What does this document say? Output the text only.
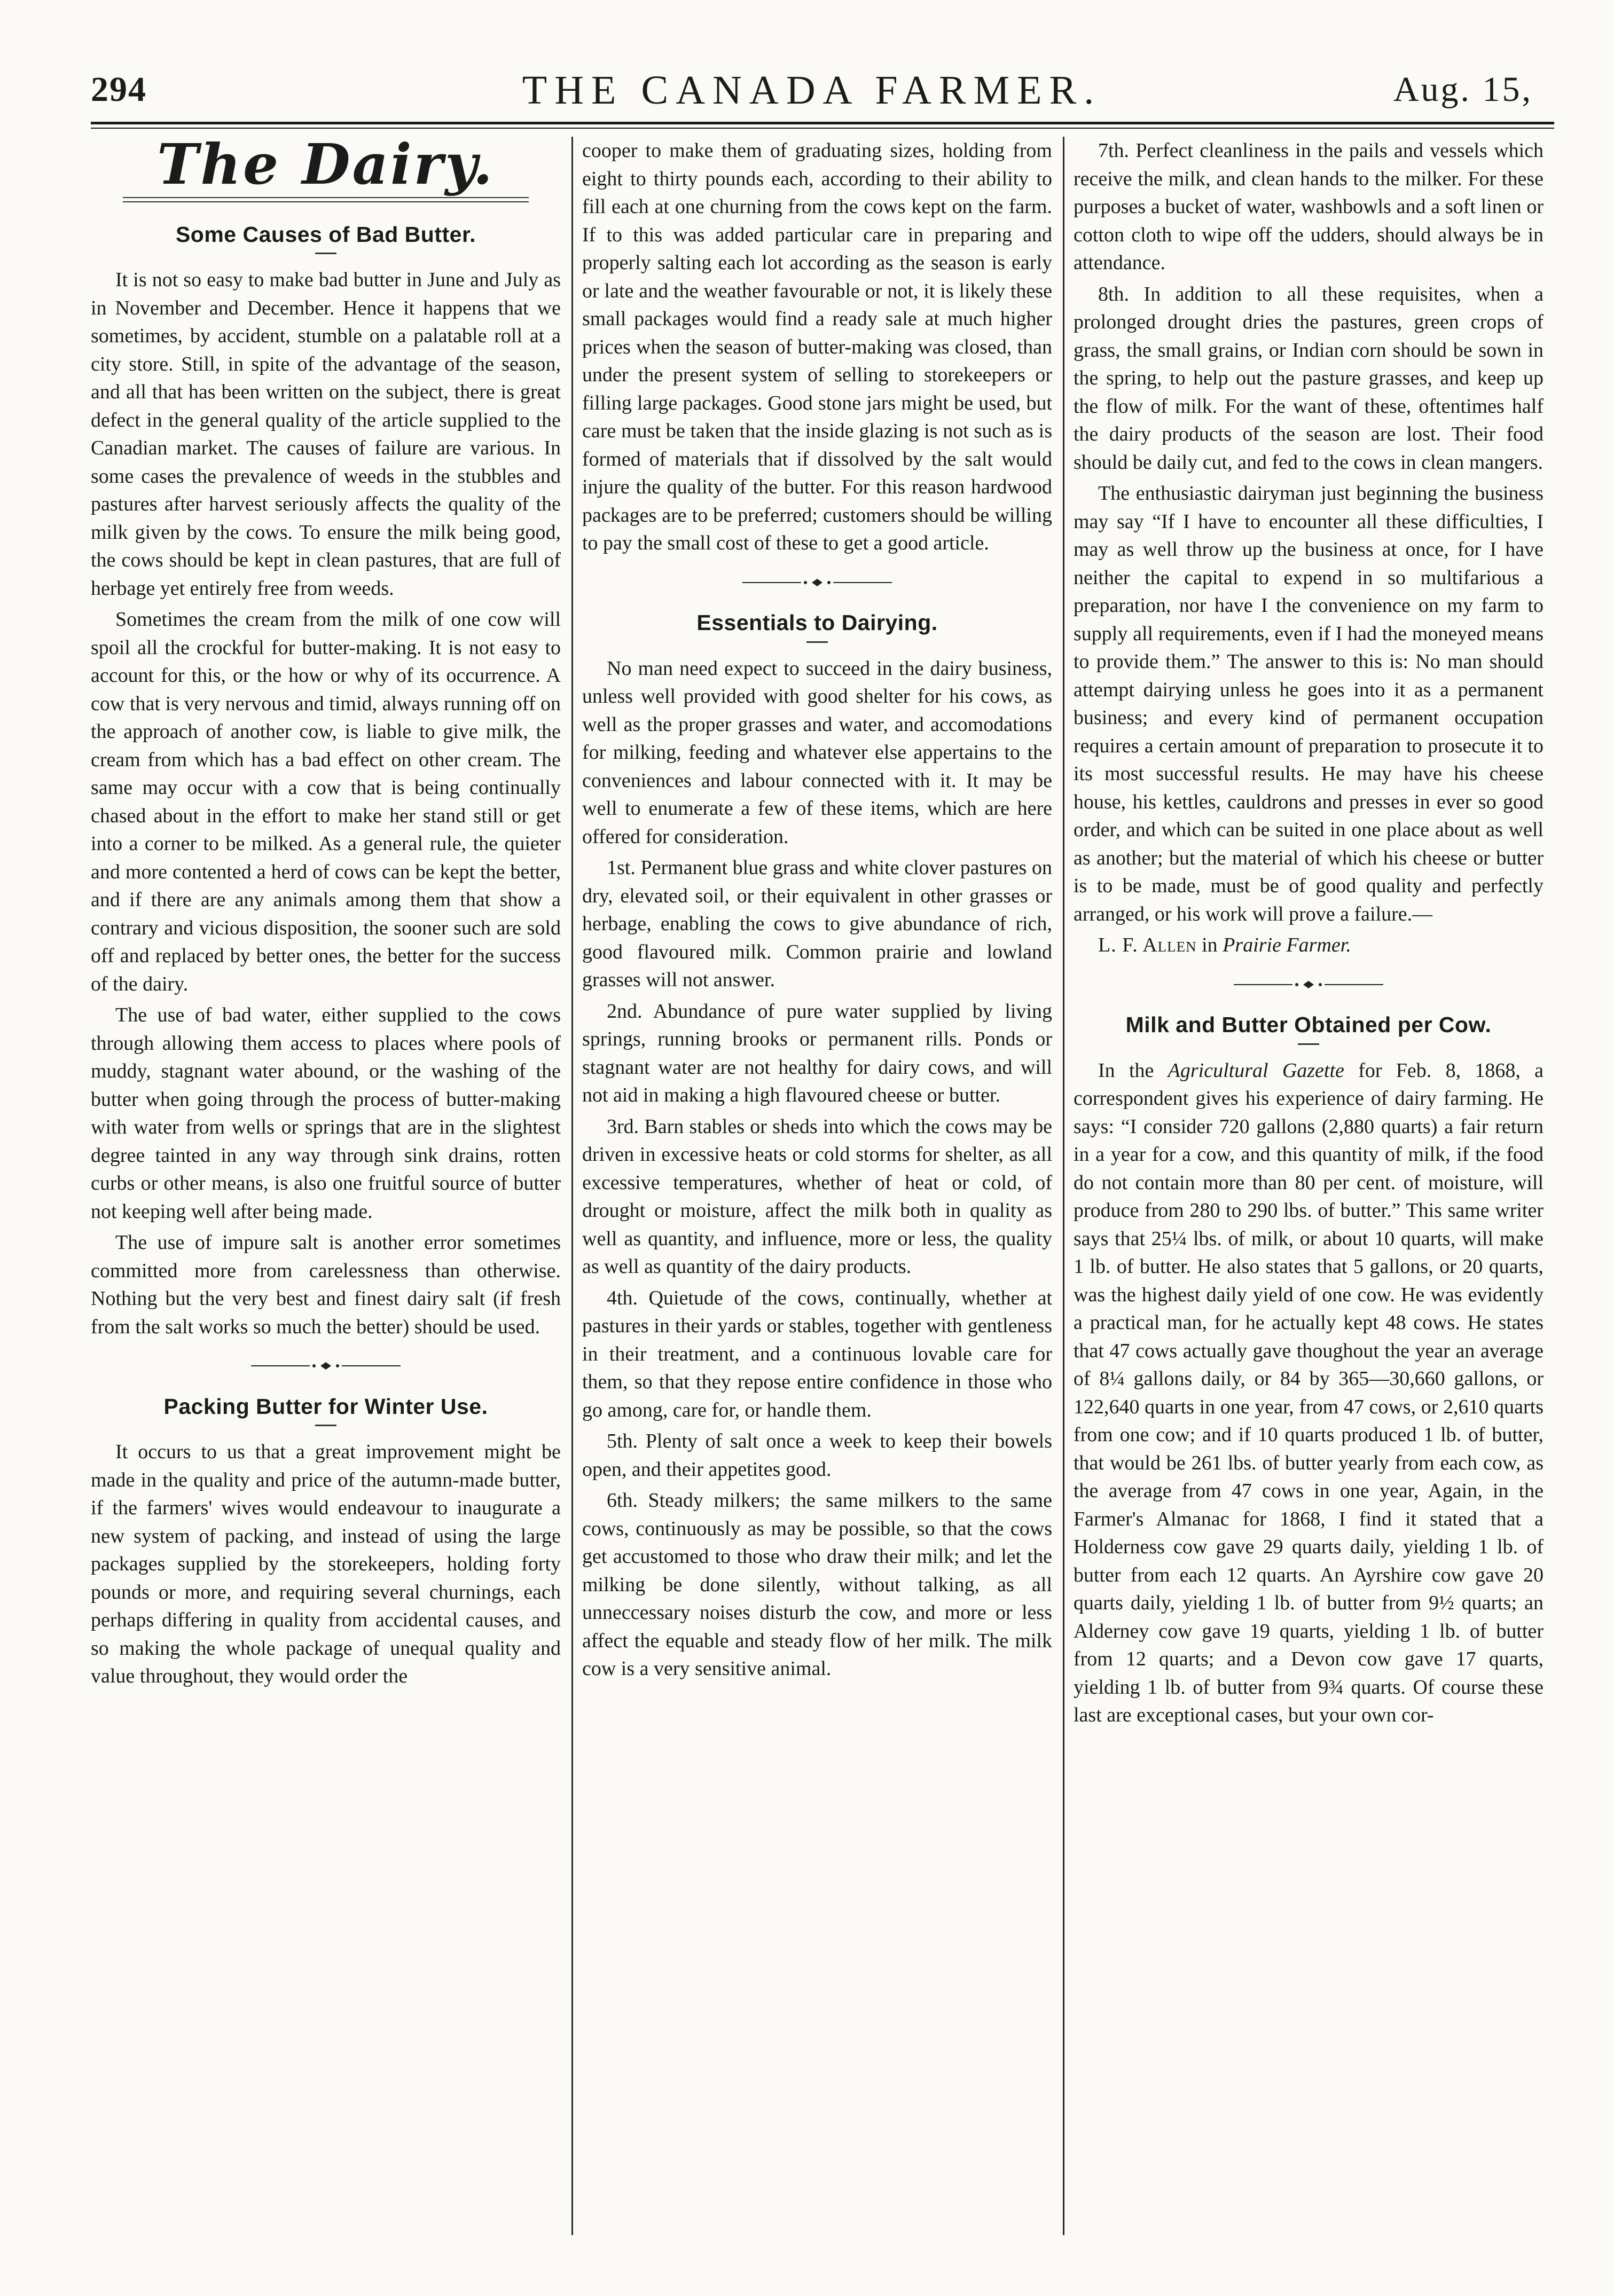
294	THE CANADA FARMER.	Aug. 15,
The Dairy.
Some Causes of Bad Butter.

It is not so easy to make bad butter in June and July as in November and December. Hence it happens that we sometimes, by accident, stumble on a palatable roll at a city store. Still, in spite of the advantage of the season, and all that has been written on the subject, there is great defect in the general quality of the article supplied to the Canadian market. The causes of failure are various. In some cases the prevalence of weeds in the stubbles and pastures after harvest seriously affects the quality of the milk given by the cows. To ensure the milk being good, the cows should be kept in clean pastures, that are full of herbage yet entirely free from weeds.

Sometimes the cream from the milk of one cow will spoil all the crockful for butter-making. It is not easy to account for this, or the how or why of its occurrence. A cow that is very nervous and timid, always running off on the approach of another cow, is liable to give milk, the cream from which has a bad effect on other cream. The same may occur with a cow that is being continually chased about in the effort to make her stand still or get into a corner to be milked. As a general rule, the quieter and more contented a herd of cows can be kept the better, and if there are any animals among them that show a contrary and vicious disposition, the sooner such are sold off and replaced by better ones, the better for the success of the dairy.

The use of bad water, either supplied to the cows through allowing them access to places where pools of muddy, stagnant water abound, or the washing of the butter when going through the process of butter-making with water from wells or springs that are in the slightest degree tainted in any way through sink drains, rotten curbs or other means, is also one fruitful source of butter not keeping well after being made.

The use of impure salt is another error sometimes committed more from carelessness than otherwise. Nothing but the very best and finest dairy salt (if fresh from the salt works so much the better) should be used.

Packing Butter for Winter Use.

It occurs to us that a great improvement might be made in the quality and price of the autumn-made butter, if the farmers' wives would endeavour to inaugurate a new system of packing, and instead of using the large packages supplied by the storekeepers, holding forty pounds or more, and requiring several churnings, each perhaps differing in quality from accidental causes, and so making the whole package of unequal quality and value throughout, they would order the

cooper to make them of graduating sizes, holding from eight to thirty pounds each, according to their ability to fill each at one churning from the cows kept on the farm. If to this was added particular care in preparing and properly salting each lot according as the season is early or late and the weather favourable or not, it is likely these small packages would find a ready sale at much higher prices when the season of butter-making was closed, than under the present system of selling to storekeepers or filling large packages. Good stone jars might be used, but care must be taken that the inside glazing is not such as is formed of materials that if dissolved by the salt would injure the quality of the butter. For this reason hardwood packages are to be preferred; customers should be willing to pay the small cost of these to get a good article.

Essentials to Dairying.

No man need expect to succeed in the dairy business, unless well provided with good shelter for his cows, as well as the proper grasses and water, and accomodations for milking, feeding and whatever else appertains to the conveniences and labour connected with it. It may be well to enumerate a few of these items, which are here offered for consideration.

1st. Permanent blue grass and white clover pastures on dry, elevated soil, or their equivalent in other grasses or herbage, enabling the cows to give abundance of rich, good flavoured milk. Common prairie and lowland grasses will not answer.

2nd. Abundance of pure water supplied by living springs, running brooks or permanent rills. Ponds or stagnant water are not healthy for dairy cows, and will not aid in making a high flavoured cheese or butter.

3rd. Barn stables or sheds into which the cows may be driven in excessive heats or cold storms for shelter, as all excessive temperatures, whether of heat or cold, of drought or moisture, affect the milk both in quality as well as quantity, and influence, more or less, the quality as well as quantity of the dairy products.

4th. Quietude of the cows, continually, whether at pastures in their yards or stables, together with gentleness in their treatment, and a continuous lovable care for them, so that they repose entire confidence in those who go among, care for, or handle them.

5th. Plenty of salt once a week to keep their bowels open, and their appetites good.

6th. Steady milkers; the same milkers to the same cows, continuously as may be possible, so that the cows get accustomed to those who draw their milk; and let the milking be done silently, without talking, as all unneccessary noises disturb the cow, and more or less affect the equable and steady flow of her milk. The milk cow is a very sensitive animal.

7th. Perfect cleanliness in the pails and vessels which receive the milk, and clean hands to the milker. For these purposes a bucket of water, washbowls and a soft linen or cotton cloth to wipe off the udders, should always be in attendance.

8th. In addition to all these requisites, when a prolonged drought dries the pastures, green crops of grass, the small grains, or Indian corn should be sown in the spring, to help out the pasture grasses, and keep up the flow of milk. For the want of these, oftentimes half the dairy products of the season are lost. Their food should be daily cut, and fed to the cows in clean mangers.

The enthusiastic dairyman just beginning the business may say “If I have to encounter all these difficulties, I may as well throw up the business at once, for I have neither the capital to expend in so multifarious a preparation, nor have I the convenience on my farm to supply all requirements, even if I had the moneyed means to provide them.” The answer to this is: No man should attempt dairying unless he goes into it as a permanent business; and every kind of permanent occupation requires a certain amount of preparation to prosecute it to its most successful results. He may have his cheese house, his kettles, cauldrons and presses in ever so good order, and which can be suited in one place about as well as another; but the material of which his cheese or butter is to be made, must be of good quality and perfectly arranged, or his work will prove a failure.—

L. F. Allen in Prairie Farmer.

Milk and Butter Obtained per Cow.

In the Agricultural Gazette for Feb. 8, 1868, a correspondent gives his experience of dairy farming. He says: “I consider 720 gallons (2,880 quarts) a fair return in a year for a cow, and this quantity of milk, if the food do not contain more than 80 per cent. of moisture, will produce from 280 to 290 lbs. of butter.” This same writer says that 25¼ lbs. of milk, or about 10 quarts, will make 1 lb. of butter. He also states that 5 gallons, or 20 quarts, was the highest daily yield of one cow. He was evidently a practical man, for he actually kept 48 cows. He states that 47 cows actually gave thoughout the year an average of 8¼ gallons daily, or 84 by 365—30,660 gallons, or 122,640 quarts in one year, from 47 cows, or 2,610 quarts from one cow; and if 10 quarts produced 1 lb. of butter, that would be 261 lbs. of butter yearly from each cow, as the average from 47 cows in one year, Again, in the Farmer's Almanac for 1868, I find it stated that a Holderness cow gave 29 quarts daily, yielding 1 lb. of butter from each 12 quarts. An Ayrshire cow gave 20 quarts daily, yielding 1 lb. of butter from 9½ quarts; an Alderney cow gave 19 quarts, yielding 1 lb. of butter from 12 quarts; and a Devon cow gave 17 quarts, yielding 1 lb. of butter from 9¾ quarts. Of course these last are exceptional cases, but your own cor-
